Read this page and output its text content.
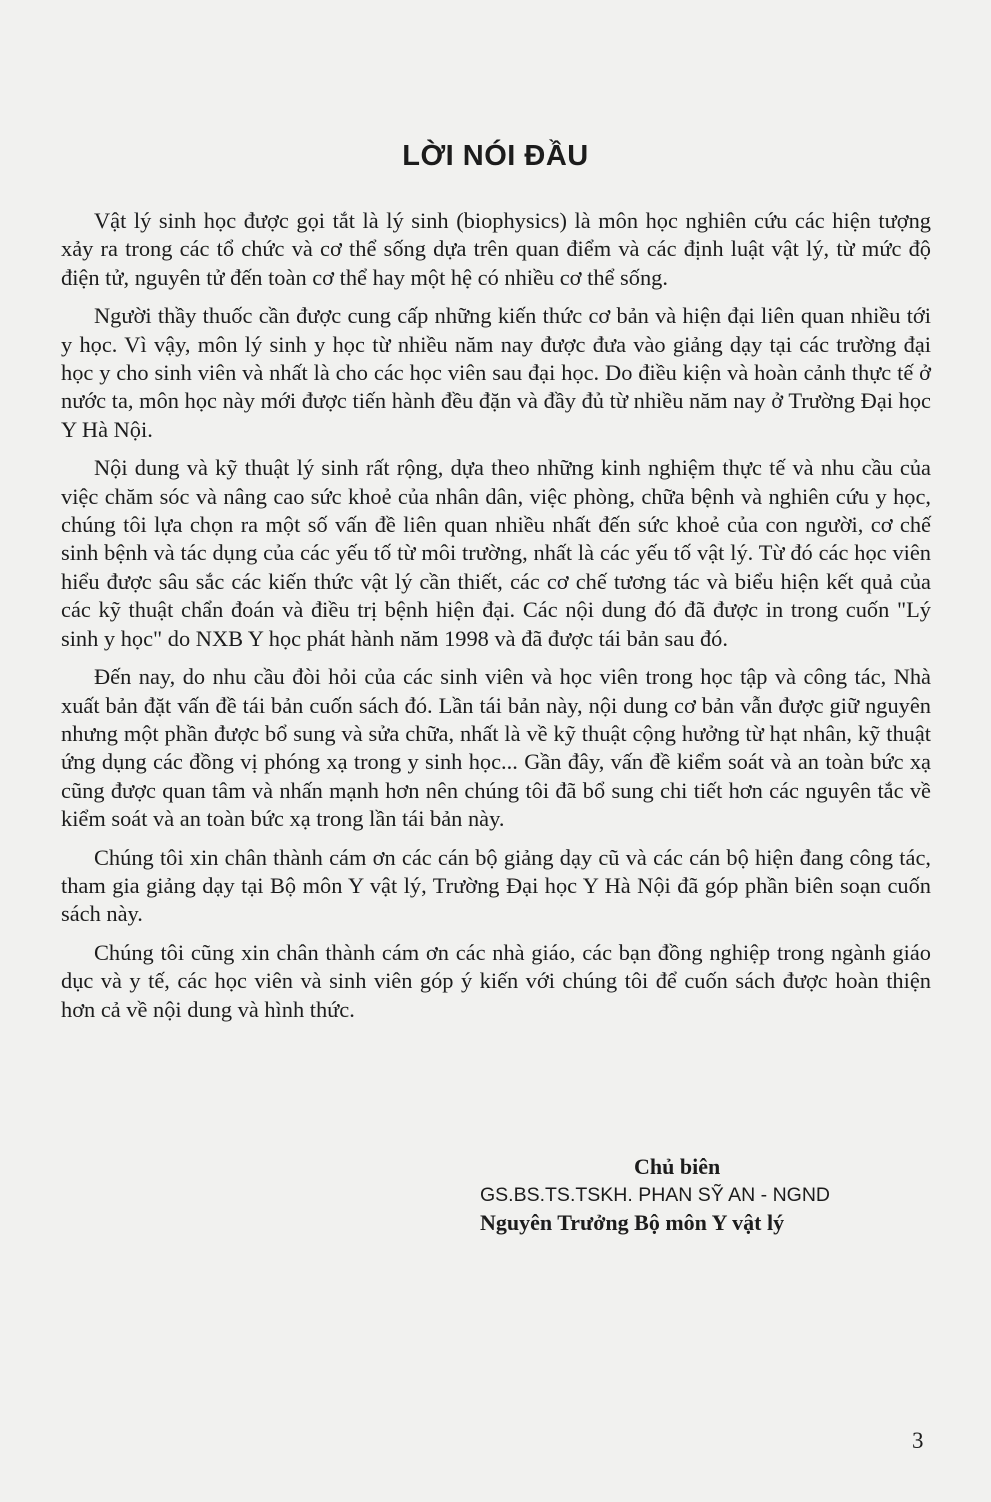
LỜI NÓI ĐẦU

Vật lý sinh học được gọi tắt là lý sinh (biophysics) là môn học nghiên cứu các hiện tượng xảy ra trong các tổ chức và cơ thể sống dựa trên quan điểm và các định luật vật lý, từ mức độ điện tử, nguyên tử đến toàn cơ thể hay một hệ có nhiều cơ thể sống.

Người thầy thuốc cần được cung cấp những kiến thức cơ bản và hiện đại liên quan nhiều tới y học. Vì vậy, môn lý sinh y học từ nhiều năm nay được đưa vào giảng dạy tại các trường đại học y cho sinh viên và nhất là cho các học viên sau đại học. Do điều kiện và hoàn cảnh thực tế ở nước ta, môn học này mới được tiến hành đều đặn và đầy đủ từ nhiều năm nay ở Trường Đại học Y Hà Nội.

Nội dung và kỹ thuật lý sinh rất rộng, dựa theo những kinh nghiệm thực tế và nhu cầu của việc chăm sóc và nâng cao sức khoẻ của nhân dân, việc phòng, chữa bệnh và nghiên cứu y học, chúng tôi lựa chọn ra một số vấn đề liên quan nhiều nhất đến sức khoẻ của con người, cơ chế sinh bệnh và tác dụng của các yếu tố từ môi trường, nhất là các yếu tố vật lý. Từ đó các học viên hiểu được sâu sắc các kiến thức vật lý cần thiết, các cơ chế tương tác và biểu hiện kết quả của các kỹ thuật chẩn đoán và điều trị bệnh hiện đại. Các nội dung đó đã được in trong cuốn "Lý sinh y học" do NXB Y học phát hành năm 1998 và đã được tái bản sau đó.

Đến nay, do nhu cầu đòi hỏi của các sinh viên và học viên trong học tập và công tác, Nhà xuất bản đặt vấn đề tái bản cuốn sách đó. Lần tái bản này, nội dung cơ bản vẫn được giữ nguyên nhưng một phần được bổ sung và sửa chữa, nhất là về kỹ thuật cộng hưởng từ hạt nhân, kỹ thuật ứng dụng các đồng vị phóng xạ trong y sinh học... Gần đây, vấn đề kiểm soát và an toàn bức xạ cũng được quan tâm và nhấn mạnh hơn nên chúng tôi đã bổ sung chi tiết hơn các nguyên tắc về kiểm soát và an toàn bức xạ trong lần tái bản này.

Chúng tôi xin chân thành cám ơn các cán bộ giảng dạy cũ và các cán bộ hiện đang công tác, tham gia giảng dạy tại Bộ môn Y vật lý, Trường Đại học Y Hà Nội đã góp phần biên soạn cuốn sách này.

Chúng tôi cũng xin chân thành cám ơn các nhà giáo, các bạn đồng nghiệp trong ngành giáo dục và y tế, các học viên và sinh viên góp ý kiến với chúng tôi để cuốn sách được hoàn thiện hơn cả về nội dung và hình thức.

Chủ biên
GS.BS.TS.TSKH. PHAN SỸ AN - NGND
Nguyên Trưởng Bộ môn Y vật lý
3
